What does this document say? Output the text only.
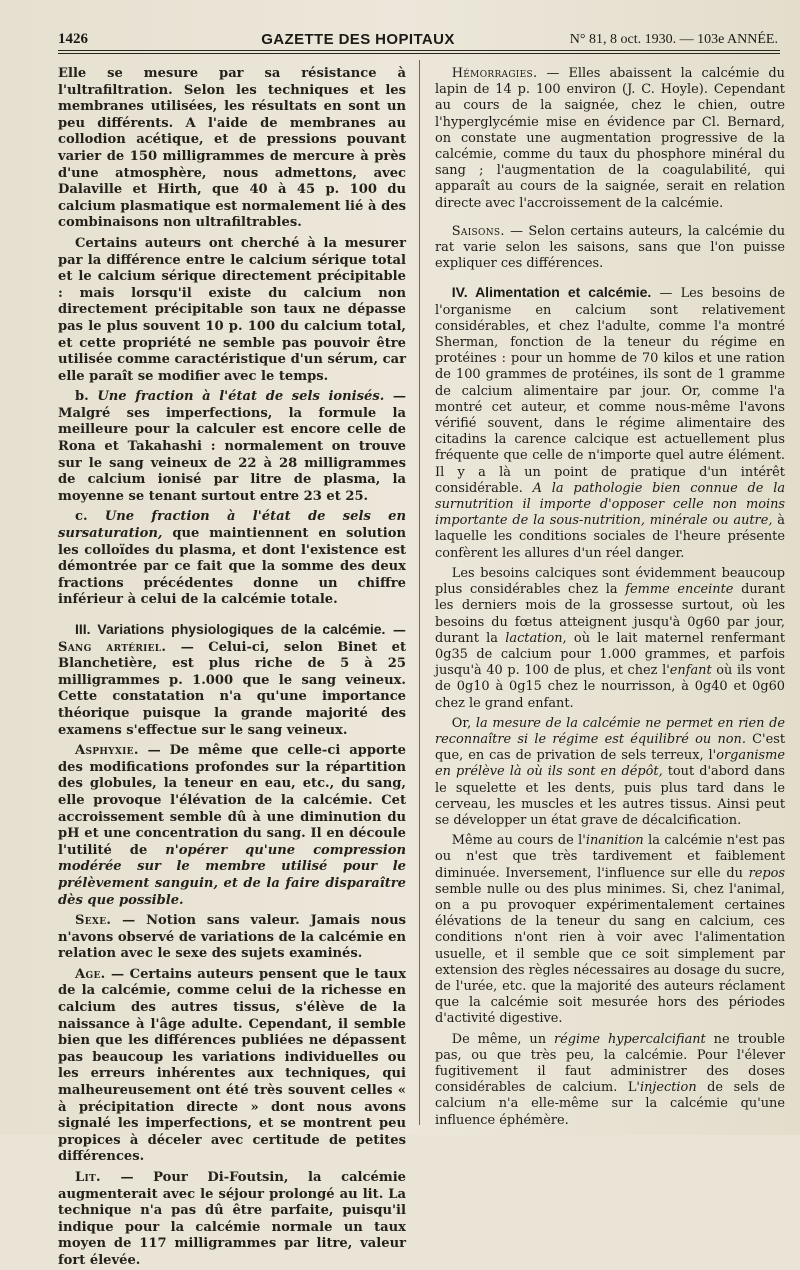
1426	GAZETTE DES HOPITAUX	N° 81, 8 oct. 1930. — 103e ANNÉE.

Elle se mesure par sa résistance à l'ultrafiltration. Selon les techniques et les membranes utilisées, les résultats en sont un peu différents. A l'aide de membranes au collodion acétique, et de pressions pouvant varier de 150 milligrammes de mercure à près d'une atmosphère, nous admettons, avec Dalaville et Hirth, que 40 à 45 p. 100 du calcium plasmatique est normalement lié à des combinaisons non ultrafiltrables.

Certains auteurs ont cherché à la mesurer par la différence entre le calcium sérique total et le calcium sérique directement précipitable : mais lorsqu'il existe du calcium non directement précipitable son taux ne dépasse pas le plus souvent 10 p. 100 du calcium total, et cette propriété ne semble pas pouvoir être utilisée comme caractéristique d'un sérum, car elle paraît se modifier avec le temps.

b. Une fraction à l'état de sels ionisés. — Malgré ses imperfections, la formule la meilleure pour la calculer est encore celle de Rona et Takahashi : normalement on trouve sur le sang veineux de 22 à 28 milligrammes de calcium ionisé par litre de plasma, la moyenne se tenant surtout entre 23 et 25.

c. Une fraction à l'état de sels en sursaturation, que maintiennent en solution les colloïdes du plasma, et dont l'existence est démontrée par ce fait que la somme des deux fractions précédentes donne un chiffre inférieur à celui de la calcémie totale.

III. Variations physiologiques de la calcémie. — Sang artériel. — Celui-ci, selon Binet et Blanchetière, est plus riche de 5 à 25 milligrammes p. 1.000 que le sang veineux. Cette constatation n'a qu'une importance théorique puisque la grande majorité des examens s'effectue sur le sang veineux.

Asphyxie. — De même que celle-ci apporte des modifications profondes sur la répartition des globules, la teneur en eau, etc., du sang, elle provoque l'élévation de la calcémie. Cet accroissement semble dû à une diminution du pH et une concentration du sang. Il en découle l'utilité de n'opérer qu'une compression modérée sur le membre utilisé pour le prélèvement sanguin, et de la faire disparaître dès que possible.

Sexe. — Notion sans valeur. Jamais nous n'avons observé de variations de la calcémie en relation avec le sexe des sujets examinés.

Age. — Certains auteurs pensent que le taux de la calcémie, comme celui de la richesse en calcium des autres tissus, s'élève de la naissance à l'âge adulte. Cependant, il semble bien que les différences publiées ne dépassent pas beaucoup les variations individuelles ou les erreurs inhérentes aux techniques, qui malheureusement ont été très souvent celles « à précipitation directe » dont nous avons signalé les imperfections, et se montrent peu propices à déceler avec certitude de petites différences.

Lit. — Pour Di-Foutsin, la calcémie augmenterait avec le séjour prolongé au lit. La technique n'a pas dû être parfaite, puisqu'il indique pour la calcémie normale un taux moyen de 117 milligrammes par litre, valeur fort élevée.

Hémorragies. — Elles abaissent la calcémie du lapin de 14 p. 100 environ (J. C. Hoyle). Cependant au cours de la saignée, chez le chien, outre l'hyperglycémie mise en évidence par Cl. Bernard, on constate une augmentation progressive de la calcémie, comme du taux du phosphore minéral du sang ; l'augmentation de la coagulabilité, qui apparaît au cours de la saignée, serait en relation directe avec l'accroissement de la calcémie.

Saisons. — Selon certains auteurs, la calcémie du rat varie selon les saisons, sans que l'on puisse expliquer ces différences.

IV. Alimentation et calcémie. — Les besoins de l'organisme en calcium sont relativement considérables, et chez l'adulte, comme l'a montré Sherman, fonction de la teneur du régime en protéines : pour un homme de 70 kilos et une ration de 100 grammes de protéines, ils sont de 1 gramme de calcium alimentaire par jour. Or, comme l'a montré cet auteur, et comme nous-même l'avons vérifié souvent, dans le régime alimentaire des citadins la carence calcique est actuellement plus fréquente que celle de n'importe quel autre élément. Il y a là un point de pratique d'un intérêt considérable. A la pathologie bien connue de la surnutrition il importe d'opposer celle non moins importante de la sous-nutrition, minérale ou autre, à laquelle les conditions sociales de l'heure présente confèrent les allures d'un réel danger.

Les besoins calciques sont évidemment beaucoup plus considérables chez la femme enceinte durant les derniers mois de la grossesse surtout, où les besoins du fœtus atteignent jusqu'à 0g60 par jour, durant la lactation, où le lait maternel renfermant 0g35 de calcium pour 1.000 grammes, et parfois jusqu'à 40 p. 100 de plus, et chez l'enfant où ils vont de 0g10 à 0g15 chez le nourrisson, à 0g40 et 0g60 chez le grand enfant.

Or, la mesure de la calcémie ne permet en rien de reconnaître si le régime est équilibré ou non. C'est que, en cas de privation de sels terreux, l'organisme en prélève là où ils sont en dépôt, tout d'abord dans le squelette et les dents, puis plus tard dans le cerveau, les muscles et les autres tissus. Ainsi peut se développer un état grave de décalcification.

Même au cours de l'inanition la calcémie n'est pas ou n'est que très tardivement et faiblement diminuée. Inversement, l'influence sur elle du repos semble nulle ou des plus minimes. Si, chez l'animal, on a pu provoquer expérimentalement certaines élévations de la teneur du sang en calcium, ces conditions n'ont rien à voir avec l'alimentation usuelle, et il semble que ce soit simplement par extension des règles nécessaires au dosage du sucre, de l'urée, etc. que la majorité des auteurs réclament que la calcémie soit mesurée hors des périodes d'activité digestive.

De même, un régime hypercalcifiant ne trouble pas, ou que très peu, la calcémie. Pour l'élever fugitivement il faut administrer des doses considérables de calcium. L'injection de sels de calcium n'a elle-même sur la calcémie qu'une influence éphémère.
